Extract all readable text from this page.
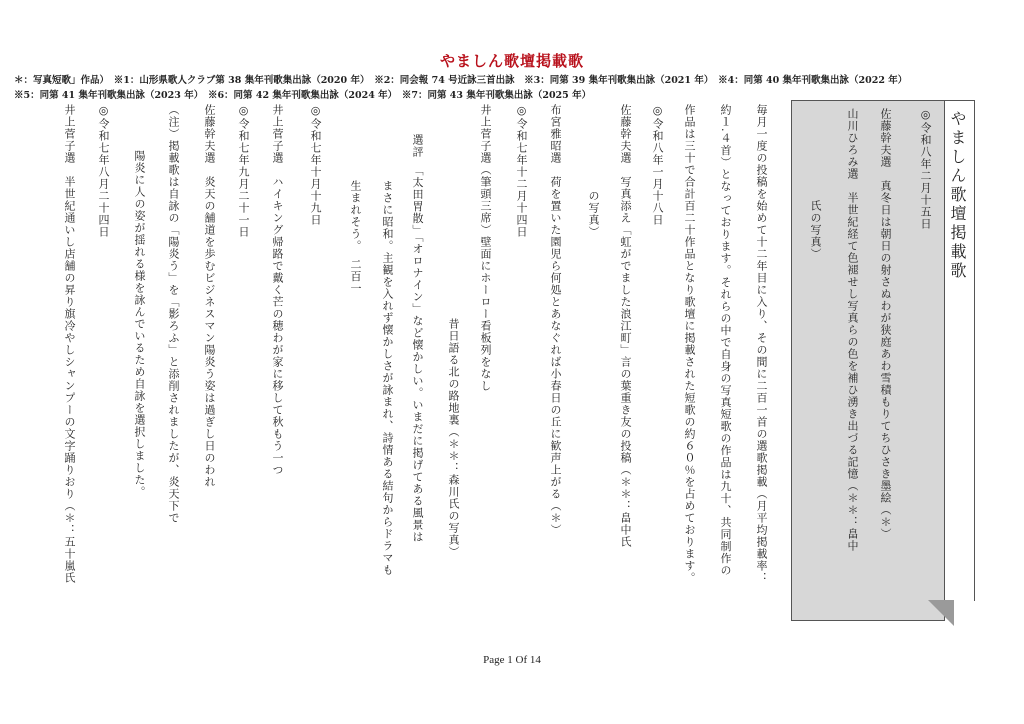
やましん歌壇掲載歌
＊：写真短歌」作品）　※1：山形県歌人クラブ第 38 集年刊歌集出詠（2020 年）　※2：同会報 74 号近詠三首出詠　※3：同第 39 集年刊歌集出詠（2021 年）　※4：同第 40 集年刊歌集出詠（2022 年）
※5：同第 41 集年刊歌集出詠（2023 年）　※6：同第 42 集年刊歌集出詠（2024 年）　※7：同第 43 集年刊歌集出詠（2025 年）
やましん歌壇掲載歌
◎令和八年二月十五日
佐藤幹夫選　真冬日は朝日の射さぬわが狭庭あわ雪積もりてちひさき墨絵（＊）
山川ひろみ選　半世紀経て色褪せし写真らの色を補ひ湧き出づる記憶（＊＊：畠中
氏の写真）
毎月一度の投稿を始めて十二年目に入り、その間に二百一首の選歌掲載（月平均掲載率：
約１.４首）となっております。それらの中で自身の写真短歌の作品は九十、共同制作の
作品は三十で合計百二十作品となり歌壇に掲載された短歌の約６０％を占めております。
◎令和八年一月十八日
佐藤幹夫選　写真添え「虹がでました浪江町」言の葉重き友の投稿（＊＊：畠中氏
の写真）
布宮雅昭選　荷を置いた園児ら何処とあなぐれば小春日の丘に歓声上がる（＊）
◎令和七年十二月十四日
井上菅子選（筆頭三席）壁面にホーロー看板列をなし
昔日語る北の路地裏（＊＊：森川氏の写真）
選評　「太田胃散」「オロナイン」など懐かしい。いまだに掲げてある風景は
まさに昭和。主観を入れず懐かしさが詠まれ、詩情ある結句からドラマも
生まれそう。　二百一
◎令和七年十月十九日
井上菅子選　ハイキング帰路で戴く芒の穂わが家に移して秋もう一つ
◎令和七年九月二十一日
佐藤幹夫選　炎天の舗道を歩むビジネスマン陽炎う姿は過ぎし日のわれ
（注）掲載歌は自詠の「陽炎う」を「影ろふ」と添削されましたが、炎天下で
陽炎に人の姿が揺れる様を詠んでいるため自詠を選択しました。
◎令和七年八月二十四日
井上菅子選　半世紀通いし店舗の昇り旗冷やしシャンプーの文字踊りおり（＊：五十嵐氏
Page 1 Of 14
